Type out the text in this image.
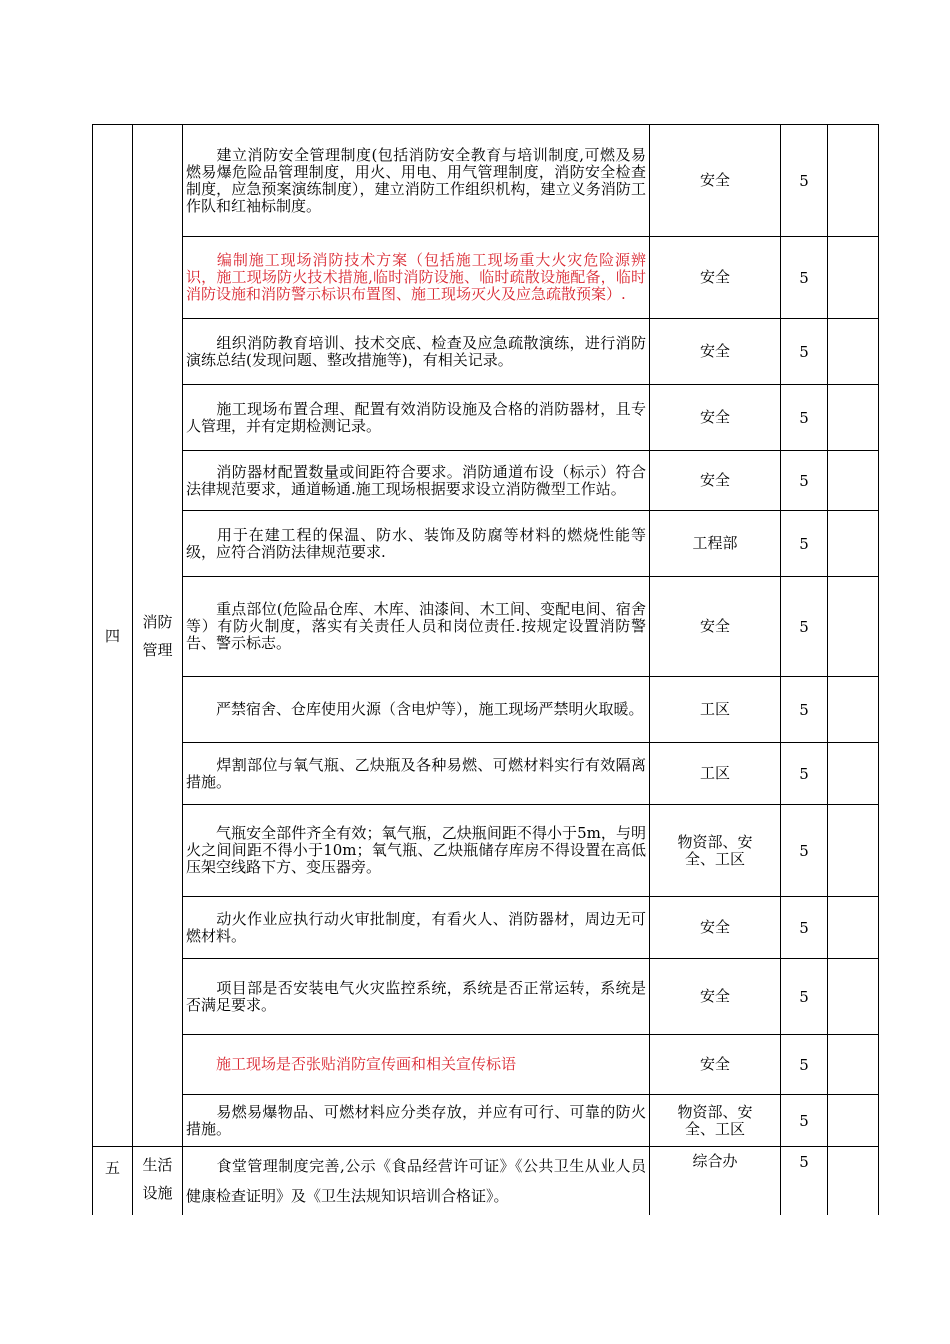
四	消防管理	建立消防安全管理制度(包括消防安全教育与培训制度,可燃及易燃易爆危险品管理制度，用火、用电、用气管理制度，消防安全检查制度，应急预案演练制度），建立消防工作组织机构，建立义务消防工作队和红袖标制度。	安全	5	
		编制施工现场消防技术方案（包括施工现场重大火灾危险源辨识，施工现场防火技术措施,临时消防设施、临时疏散设施配备，临时消防设施和消防警示标识布置图、施工现场灭火及应急疏散预案）.	安全	5	
		组织消防教育培训、技术交底、检查及应急疏散演练，进行消防演练总结(发现问题、整改措施等)，有相关记录。	安全	5	
		施工现场布置合理、配置有效消防设施及合格的消防器材，且专人管理，并有定期检测记录。	安全	5	
		消防器材配置数量或间距符合要求。消防通道布设（标示）符合法律规范要求，通道畅通.施工现场根据要求设立消防微型工作站。	安全	5	
		用于在建工程的保温、防水、装饰及防腐等材料的燃烧性能等级，应符合消防法律规范要求.	工程部	5	
		重点部位(危险品仓库、木库、油漆间、木工间、变配电间、宿舍等）有防火制度，落实有关责任人员和岗位责任.按规定设置消防警告、警示标志。	安全	5	
		严禁宿舍、仓库使用火源（含电炉等），施工现场严禁明火取暖。	工区	5	
		焊割部位与氧气瓶、乙炔瓶及各种易燃、可燃材料实行有效隔离措施。	工区	5	
		气瓶安全部件齐全有效；氧气瓶，乙炔瓶间距不得小于5m，与明火之间间距不得小于10m；氧气瓶、乙炔瓶储存库房不得设置在高低压架空线路下方、变压器旁。	物资部、安全、工区	5	
		动火作业应执行动火审批制度，有看火人、消防器材，周边无可燃材料。	安全	5	
		项目部是否安装电气火灾监控系统，系统是否正常运转，系统是否满足要求。	安全	5	
		施工现场是否张贴消防宣传画和相关宣传标语	安全	5	
		易燃易爆物品、可燃材料应分类存放，并应有可行、可靠的防火措施。	物资部、安全、工区	5	
五	生活设施	食堂管理制度完善,公示《食品经营许可证》《公共卫生从业人员健康检查证明》及《卫生法规知识培训合格证》。	综合办	5	
